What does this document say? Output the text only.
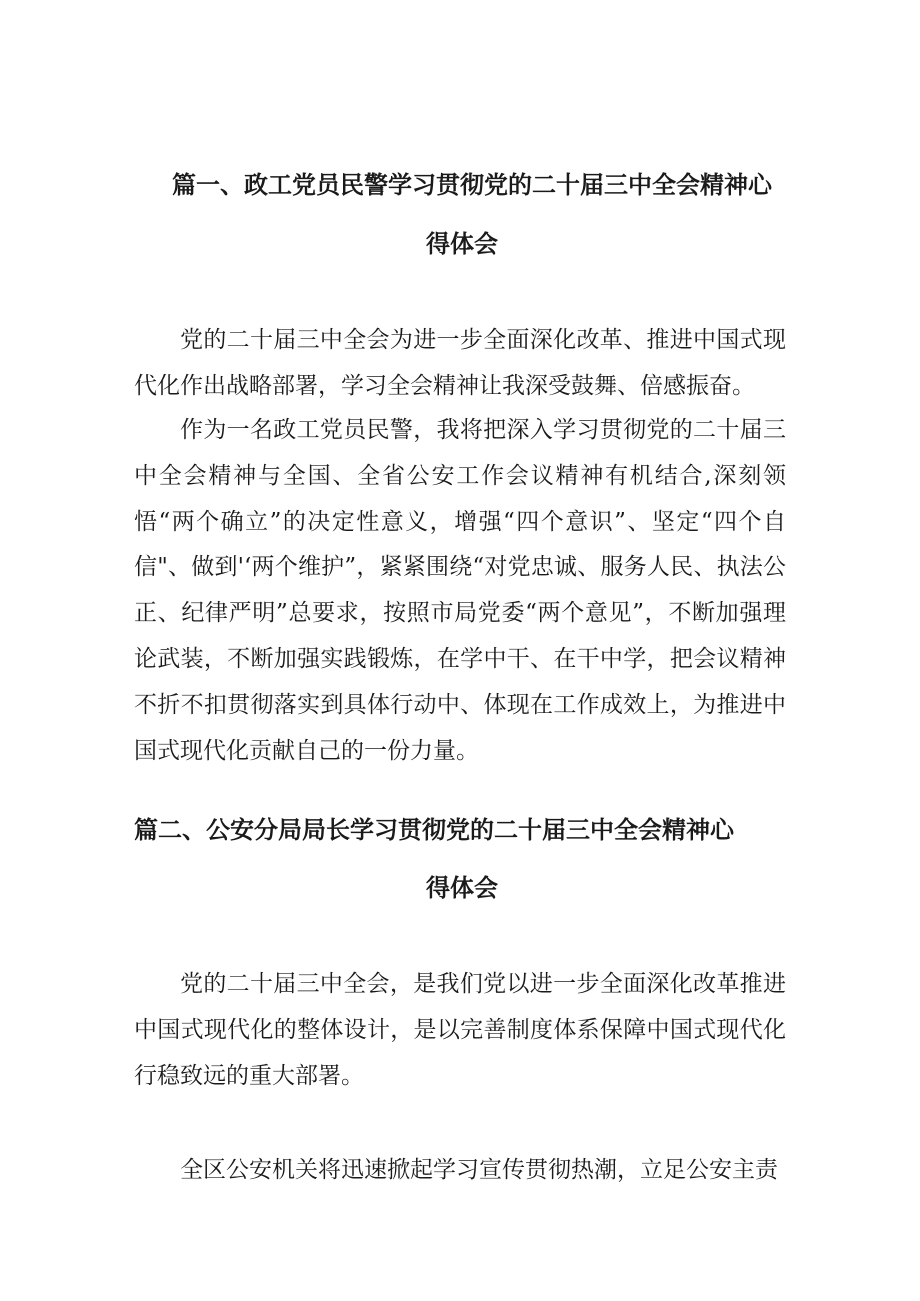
篇一、政工党员民警学习贯彻党的二十届三中全会精神心
得体会

党的二十届三中全会为进一步全面深化改革、推进中国式现代化作出战略部署，学习全会精神让我深受鼓舞、倍感振奋。

作为一名政工党员民警，我将把深入学习贯彻党的二十届三中全会精神与全国、全省公安工作会议精神有机结合,深刻领悟“两个确立”的决定性意义，增强“四个意识”、坚定“四个自信"、做到'‘两个维护”，紧紧围绕“对党忠诚、服务人民、执法公正、纪律严明”总要求，按照市局党委“两个意见”，不断加强理论武装，不断加强实践锻炼，在学中干、在干中学，把会议精神不折不扣贯彻落实到具体行动中、体现在工作成效上，为推进中国式现代化贡献自己的一份力量。

篇二、公安分局局长学习贯彻党的二十届三中全会精神心
得体会

党的二十届三中全会，是我们党以进一步全面深化改革推进中国式现代化的整体设计，是以完善制度体系保障中国式现代化行稳致远的重大部署。

全区公安机关将迅速掀起学习宣传贯彻热潮，立足公安主责
